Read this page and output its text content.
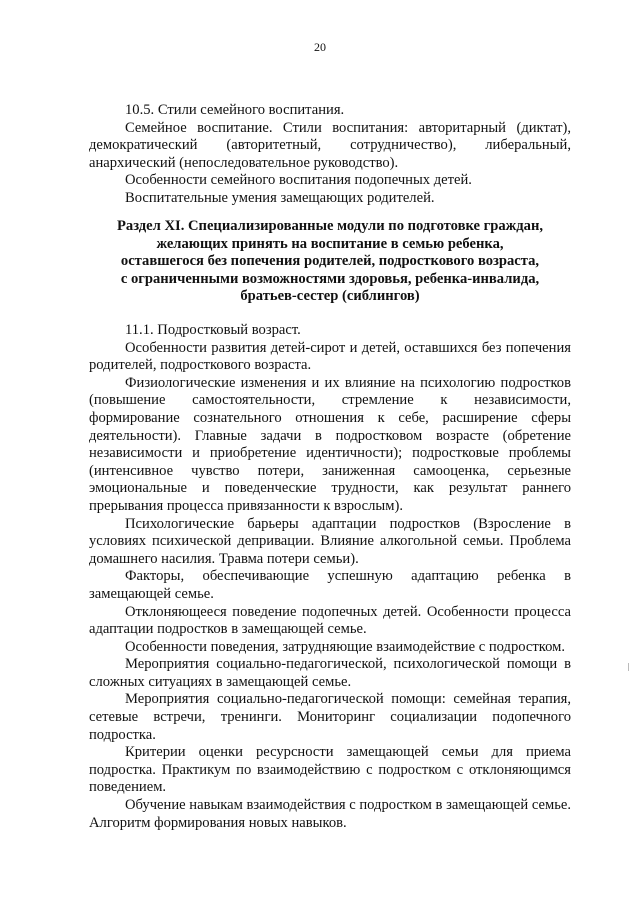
20

10.5. Стили семейного воспитания.

Семейное воспитание. Стили воспитания: авторитарный (диктат), демократический (авторитетный, сотрудничество), либеральный, анархический (непоследовательное руководство).

Особенности семейного воспитания подопечных детей.

Воспитательные умения замещающих родителей.

Раздел XI. Специализированные модули по подготовке граждан,
желающих принять на воспитание в семью ребенка,
оставшегося без попечения родителей, подросткового возраста,
с ограниченными возможностями здоровья, ребенка-инвалида,
братьев-сестер (сиблингов)

11.1. Подростковый возраст.

Особенности развития детей-сирот и детей, оставшихся без попечения родителей, подросткового возраста.

Физиологические изменения и их влияние на психологию подростков (повышение самостоятельности, стремление к независимости, формирование сознательного отношения к себе, расширение сферы деятельности). Главные задачи в подростковом возрасте (обретение независимости и приобретение идентичности); подростковые проблемы (интенсивное чувство потери, заниженная самооценка, серьезные эмоциональные и поведенческие трудности, как результат раннего прерывания процесса привязанности к взрослым).

Психологические барьеры адаптации подростков (Взросление в условиях психической депривации. Влияние алкогольной семьи. Проблема домашнего насилия. Травма потери семьи).

Факторы, обеспечивающие успешную адаптацию ребенка в замещающей семье.

Отклоняющееся поведение подопечных детей. Особенности процесса адаптации подростков в замещающей семье.

Особенности поведения, затрудняющие взаимодействие с подростком.

Мероприятия социально-педагогической, психологической помощи в сложных ситуациях в замещающей семье.

Мероприятия социально-педагогической помощи: семейная терапия, сетевые встречи, тренинги. Мониторинг социализации подопечного подростка.

Критерии оценки ресурсности замещающей семьи для приема подростка. Практикум по взаимодействию с подростком с отклоняющимся поведением.

Обучение навыкам взаимодействия с подростком в замещающей семье. Алгоритм формирования новых навыков.
